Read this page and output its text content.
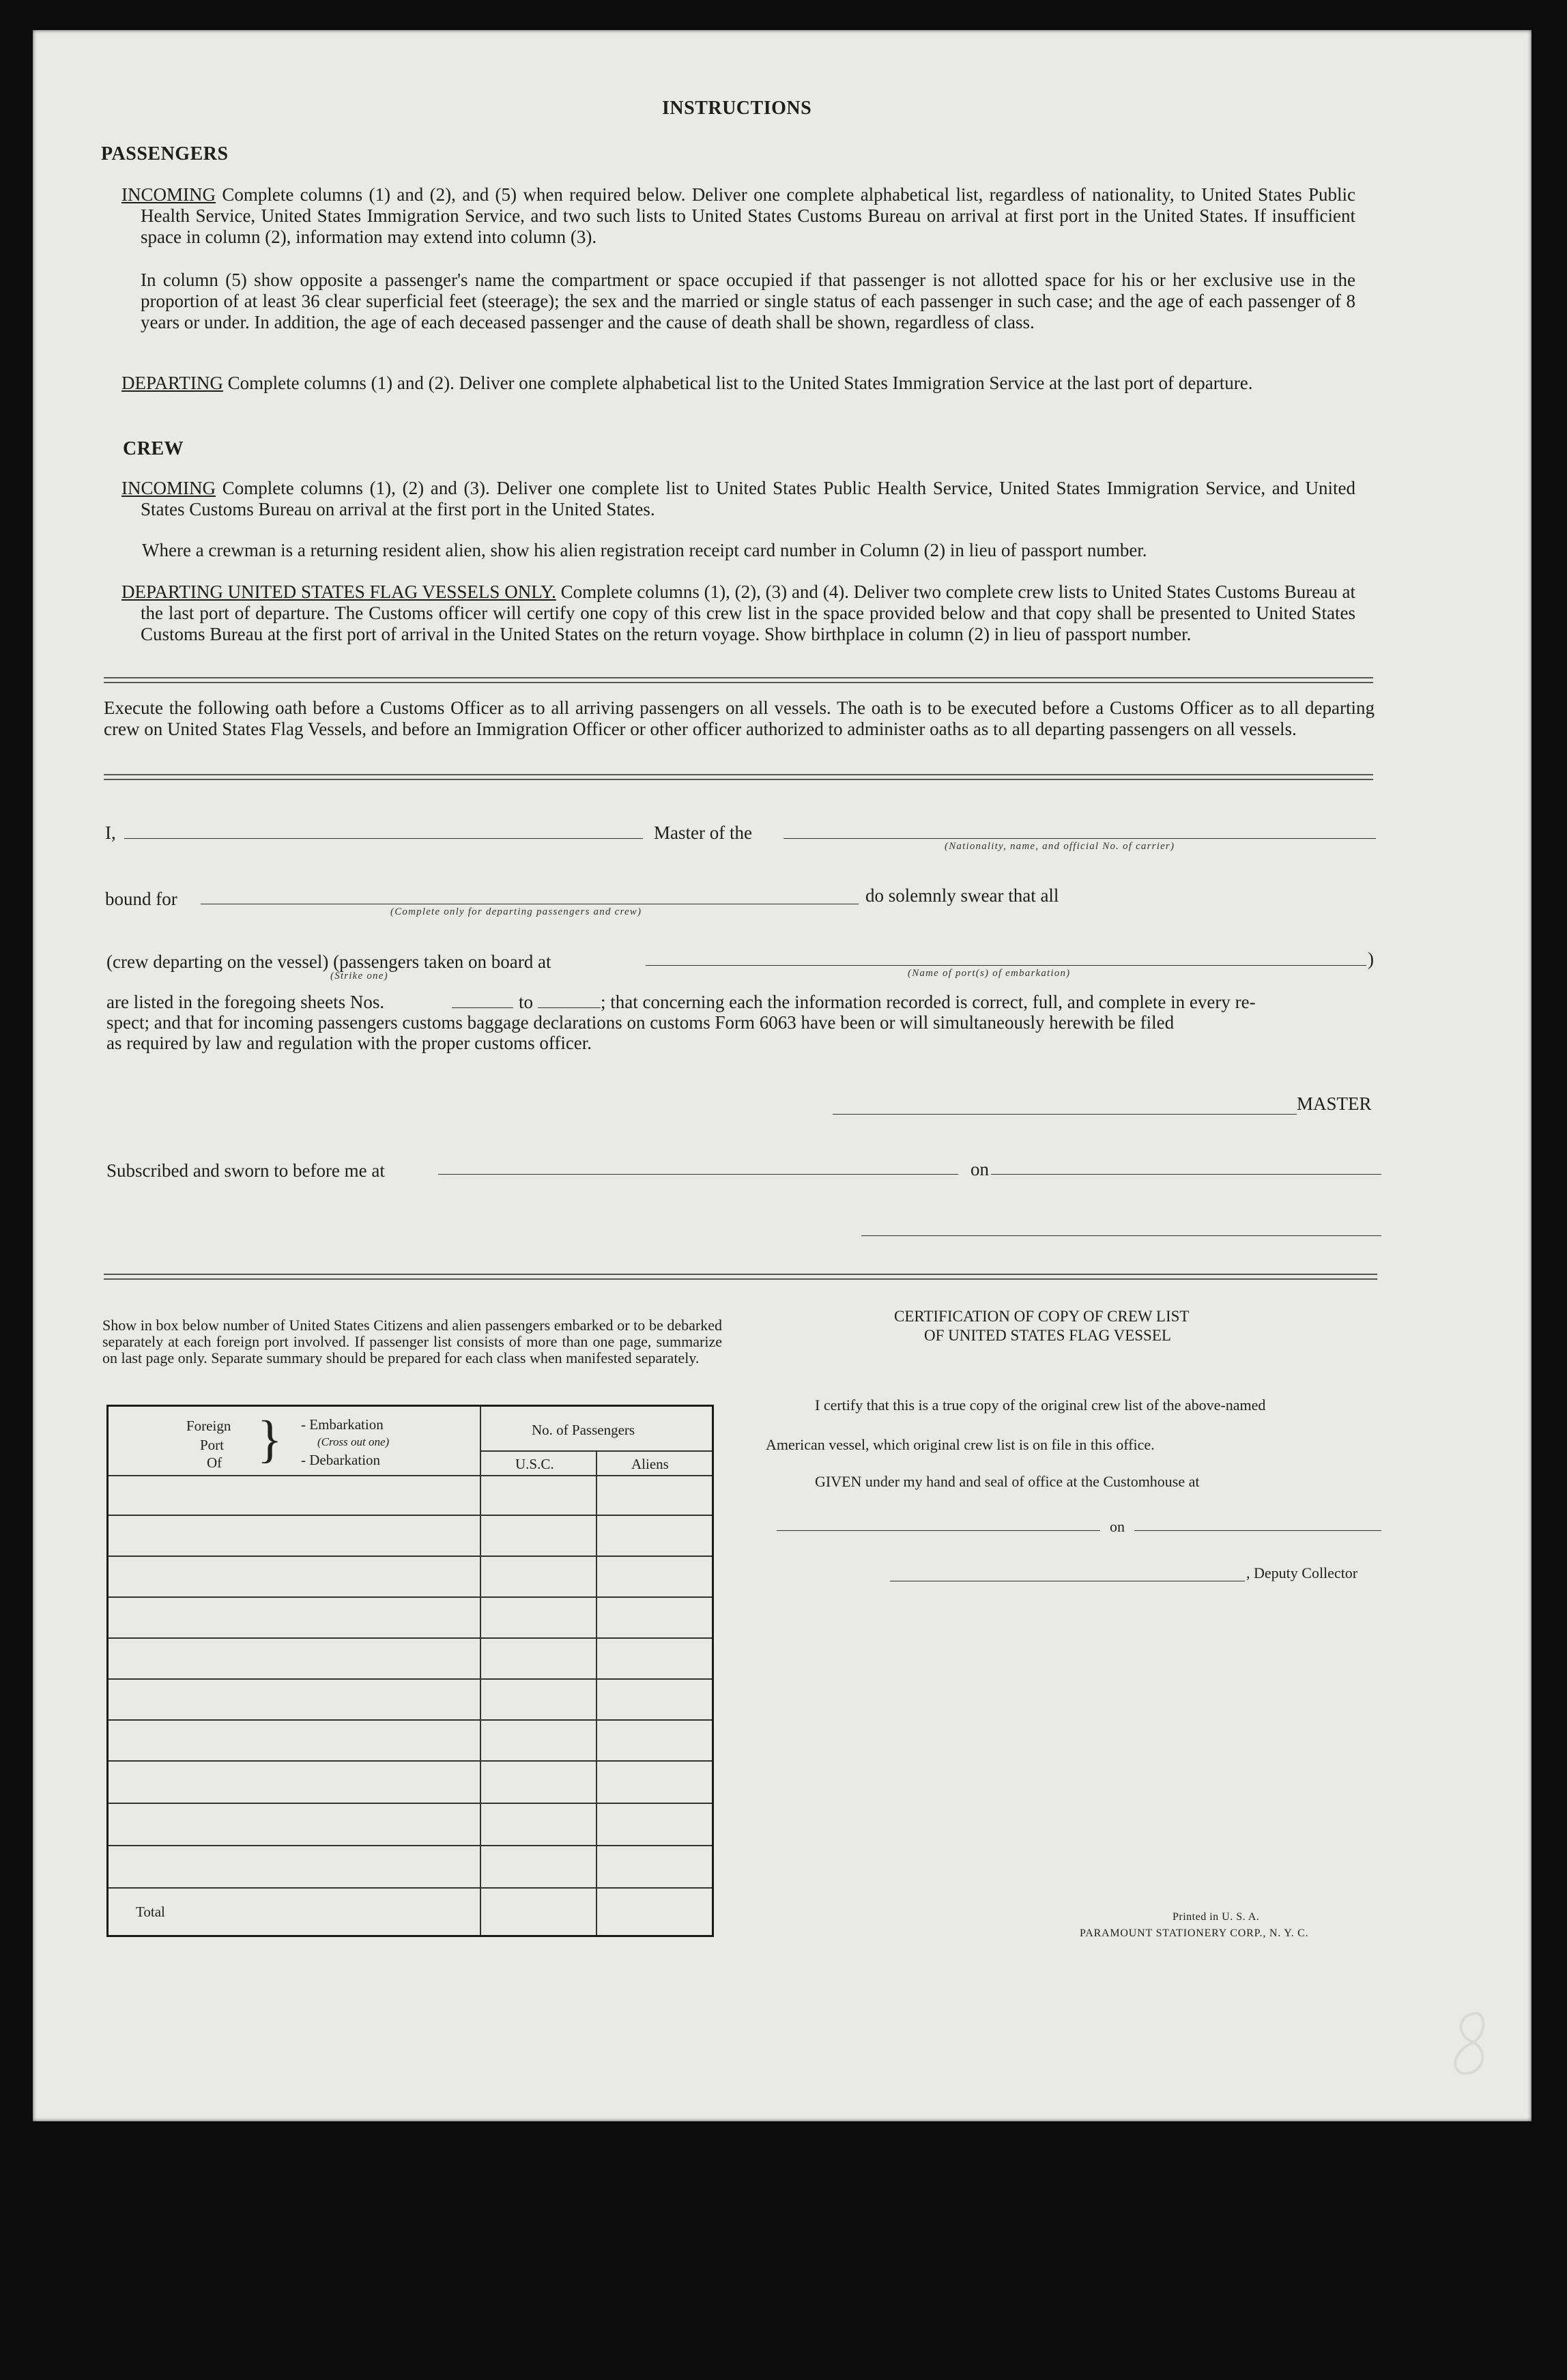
INSTRUCTIONS
PASSENGERS
INCOMING Complete columns (1) and (2), and (5) when required below. Deliver one complete alphabetical list, regardless of nationality, to United States Public Health Service, United States Immigration Service, and two such lists to United States Customs Bureau on arrival at first port in the United States. If insufficient space in column (2), information may extend into column (3).
In column (5) show opposite a passenger's name the compartment or space occupied if that passenger is not allotted space for his or her exclusive use in the proportion of at least 36 clear superficial feet (steerage); the sex and the married or single status of each passenger in such case; and the age of each passenger of 8 years or under. In addition, the age of each deceased passenger and the cause of death shall be shown, regardless of class.
DEPARTING Complete columns (1) and (2). Deliver one complete alphabetical list to the United States Immigration Service at the last port of departure.
CREW
INCOMING Complete columns (1), (2) and (3). Deliver one complete list to United States Public Health Service, United States Immigration Service, and United States Customs Bureau on arrival at the first port in the United States.
Where a crewman is a returning resident alien, show his alien registration receipt card number in Column (2) in lieu of passport number.
DEPARTING UNITED STATES FLAG VESSELS ONLY. Complete columns (1), (2), (3) and (4). Deliver two complete crew lists to United States Customs Bureau at the last port of departure. The Customs officer will certify one copy of this crew list in the space provided below and that copy shall be presented to United States Customs Bureau at the first port of arrival in the United States on the return voyage. Show birthplace in column (2) in lieu of passport number.
Execute the following oath before a Customs Officer as to all arriving passengers on all vessels. The oath is to be executed before a Customs Officer as to all departing crew on United States Flag Vessels, and before an Immigration Officer or other officer authorized to administer oaths as to all departing passengers on all vessels.
I,	Master of the
(Nationality, name, and official No. of carrier)
bound for
(Complete only for departing passengers and crew)
do solemnly swear that all
(crew departing on the vessel) (passengers taken on board at	)
(Strike one)	(Name of port(s) of embarkation)
are listed in the foregoing sheets Nos.	to	; that concerning each the information recorded is correct, full, and complete in every re-
spect; and that for incoming passengers customs baggage declarations on customs Form 6063 have been or will simultaneously herewith be filed
as required by law and regulation with the proper customs officer.
MASTER
Subscribed and sworn to before me at	on
Show in box below number of United States Citizens and alien passengers embarked or to be debarked separately at each foreign port involved. If passenger list consists of more than one page, summarize on last page only. Separate summary should be prepared for each class when manifested separately.
Foreign
Port
Of } - Embarkation
(Cross out one)
- Debarkation
No. of Passengers
U.S.C.	Aliens
Total
CERTIFICATION OF COPY OF CREW LIST
OF UNITED STATES FLAG VESSEL
I certify that this is a true copy of the original crew list of the above-named
American vessel, which original crew list is on file in this office.
GIVEN under my hand and seal of office at the Customhouse at
on
, Deputy Collector
Printed in U. S. A.
PARAMOUNT STATIONERY CORP., N. Y. C.
